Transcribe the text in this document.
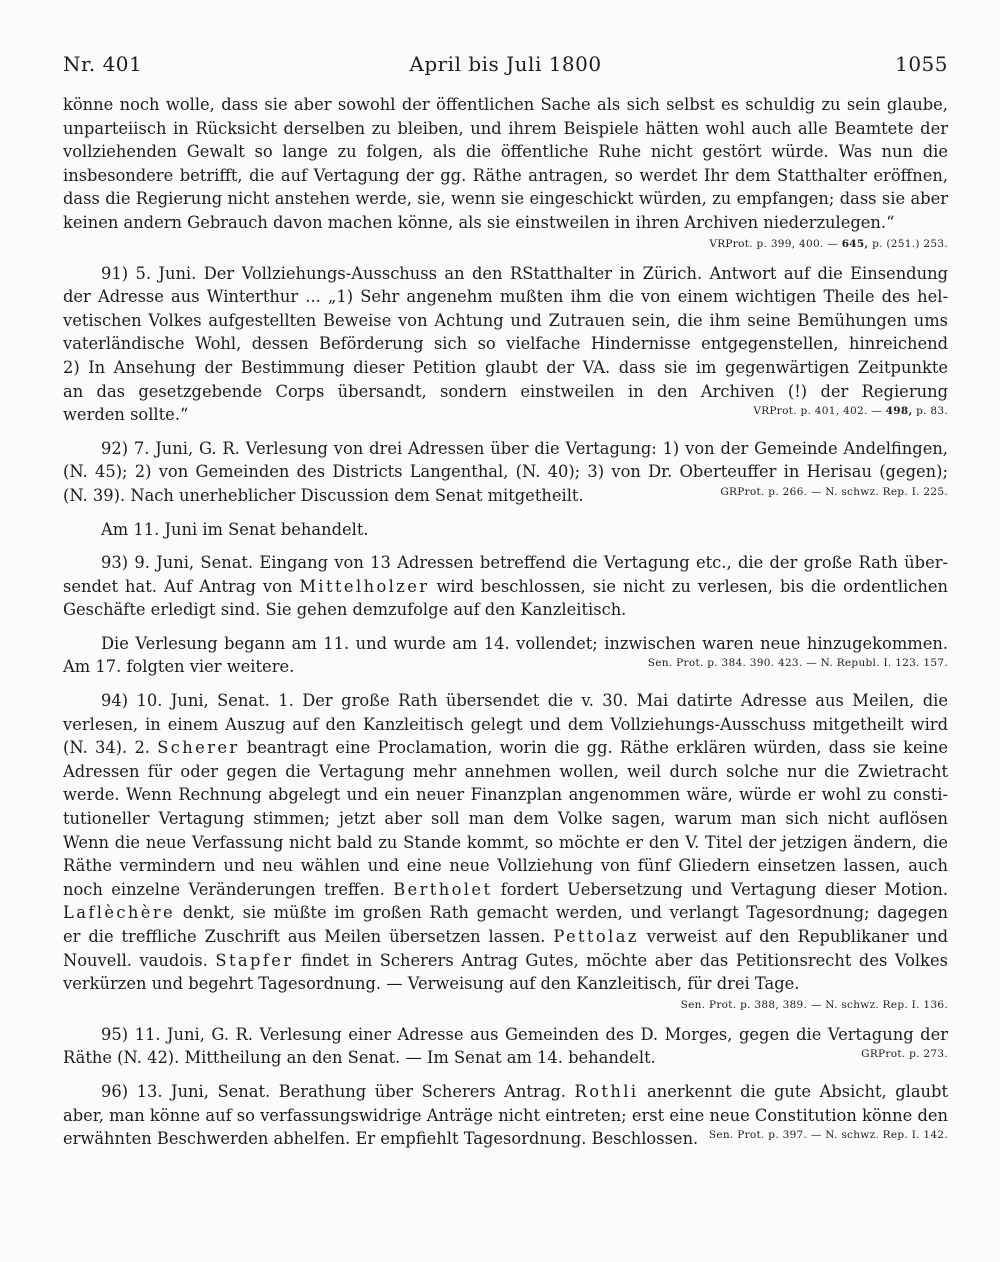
Nr. 401	April bis Juli 1800	1055
könne noch wolle, dass sie aber sowohl der öffentlichen Sache als sich selbst es schuldig zu sein glaube,
unparteiisch in Rücksicht derselben zu bleiben, und ihrem Beispiele hätten wohl auch alle Beamtete der
vollziehenden Gewalt so lange zu folgen, als die öffentliche Ruhe nicht gestört würde. Was nun die
insbesondere betrifft, die auf Vertagung der gg. Räthe antragen, so werdet Ihr dem Statthalter eröffnen,
dass die Regierung nicht anstehen werde, sie, wenn sie eingeschickt würden, zu empfangen; dass sie aber
keinen andern Gebrauch davon machen könne, als sie einstweilen in ihren Archiven niederzulegen.“
VRProt. p. 399, 400. — 645, p. (251.) 253.
91) 5. Juni. Der Vollziehungs-Ausschuss an den RStatthalter in Zürich. Antwort auf die Einsendung
der Adresse aus Winterthur ... „1) Sehr angenehm mußten ihm die von einem wichtigen Theile des hel-
vetischen Volkes aufgestellten Beweise von Achtung und Zutrauen sein, die ihm seine Bemühungen ums
vaterländische Wohl, dessen Beförderung sich so vielfache Hindernisse entgegenstellen, hinreichend
2) In Ansehung der Bestimmung dieser Petition glaubt der VA. dass sie im gegenwärtigen Zeitpunkte
an das gesetzgebende Corps übersandt, sondern einstweilen in den Archiven (!) der Regierung
werden sollte.“	VRProt. p. 401, 402. — 498, p. 83.
92) 7. Juni, G. R. Verlesung von drei Adressen über die Vertagung: 1) von der Gemeinde Andelfingen,
(N. 45); 2) von Gemeinden des Districts Langenthal, (N. 40); 3) von Dr. Oberteuffer in Herisau (gegen);
(N. 39). Nach unerheblicher Discussion dem Senat mitgetheilt.	GRProt. p. 266. — N. schwz. Rep. I. 225.
Am 11. Juni im Senat behandelt.
93) 9. Juni, Senat. Eingang von 13 Adressen betreffend die Vertagung etc., die der große Rath über-
sendet hat. Auf Antrag von Mittelholzer wird beschlossen, sie nicht zu verlesen, bis die ordentlichen
Geschäfte erledigt sind. Sie gehen demzufolge auf den Kanzleitisch.
Die Verlesung begann am 11. und wurde am 14. vollendet; inzwischen waren neue hinzugekommen.
Am 17. folgten vier weitere.	Sen. Prot. p. 384. 390. 423. — N. Republ. I. 123. 157.
94) 10. Juni, Senat. 1. Der große Rath übersendet die v. 30. Mai datirte Adresse aus Meilen, die
verlesen, in einem Auszug auf den Kanzleitisch gelegt und dem Vollziehungs-Ausschuss mitgetheilt wird
(N. 34). 2. Scherer beantragt eine Proclamation, worin die gg. Räthe erklären würden, dass sie keine
Adressen für oder gegen die Vertagung mehr annehmen wollen, weil durch solche nur die Zwietracht
werde. Wenn Rechnung abgelegt und ein neuer Finanzplan angenommen wäre, würde er wohl zu consti-
tutioneller Vertagung stimmen; jetzt aber soll man dem Volke sagen, warum man sich nicht auflösen
Wenn die neue Verfassung nicht bald zu Stande kommt, so möchte er den V. Titel der jetzigen ändern, die
Räthe vermindern und neu wählen und eine neue Vollziehung von fünf Gliedern einsetzen lassen, auch
noch einzelne Veränderungen treffen. Bertholet fordert Uebersetzung und Vertagung dieser Motion.
Laflèchère denkt, sie müßte im großen Rath gemacht werden, und verlangt Tagesordnung; dagegen
er die treffliche Zuschrift aus Meilen übersetzen lassen. Pettolaz verweist auf den Republikaner und
Nouvell. vaudois. Stapfer findet in Scherers Antrag Gutes, möchte aber das Petitionsrecht des Volkes
verkürzen und begehrt Tagesordnung. — Verweisung auf den Kanzleitisch, für drei Tage.
Sen. Prot. p. 388, 389. — N. schwz. Rep. I. 136.
95) 11. Juni, G. R. Verlesung einer Adresse aus Gemeinden des D. Morges, gegen die Vertagung der
Räthe (N. 42). Mittheilung an den Senat. — Im Senat am 14. behandelt.	GRProt. p. 273.
96) 13. Juni, Senat. Berathung über Scherers Antrag. Rothli anerkennt die gute Absicht, glaubt
aber, man könne auf so verfassungswidrige Anträge nicht eintreten; erst eine neue Constitution könne den
erwähnten Beschwerden abhelfen. Er empfiehlt Tagesordnung. Beschlossen. Sen. Prot. p. 397. — N. schwz. Rep. I. 142.
